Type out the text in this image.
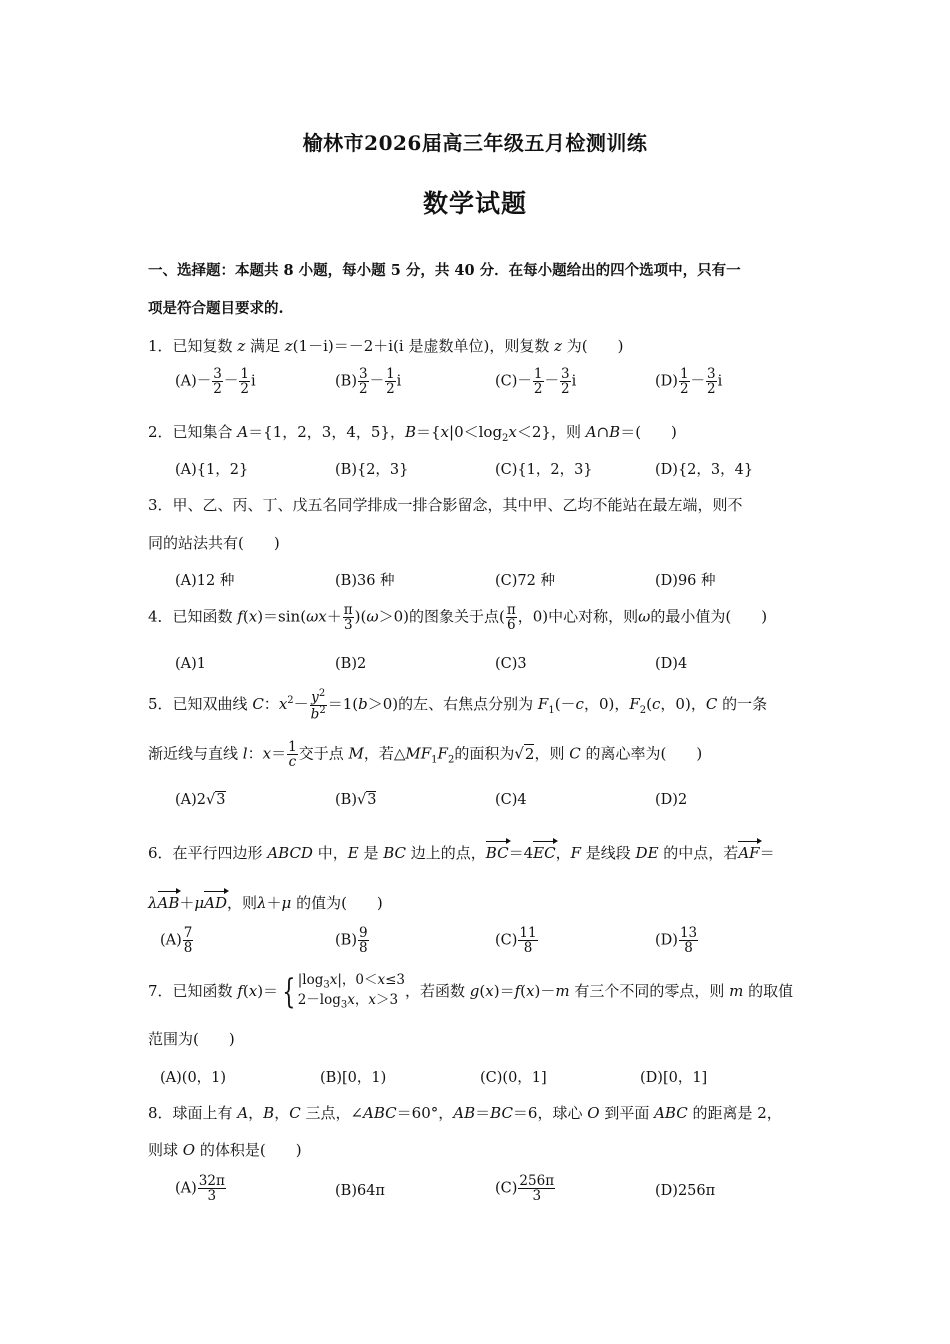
榆林市2026届高三年级五月检测训练
数学试题
一、选择题：本题共 8 小题，每小题 5 分，共 40 分．在每小题给出的四个选项中，只有一
项是符合题目要求的.
1．已知复数 z 满足 z(1－i)＝－2＋i(i 是虚数单位)，则复数 z 为(　　)
$(A)- \frac{3}{2} - \frac{1}{2}$ i	$(B) \frac{3}{2} - \frac{1}{2}$ i	$(C)- \frac{1}{2} - \frac{3}{2}$ i	$(D) \frac{1}{2} - \frac{3}{2}$ i
2．已知集合 A＝{1，2，3，4，5}，$B=\{x|0<\log_2x<2\}$，则 A∩B＝(　　)
(A){1，2}	(B){2，3}	(C){1，2，3}	(D){2，3，4}
3．甲、乙、丙、丁、戊五名同学排成一排合影留念，其中甲、乙均不能站在最左端，则不
同的站法共有(　　)
(A)12 种	(B)36 种	(C)72 种	(D)96 种
4．已知函数 $f(x)=\sin(\omega x+ \frac{\pi}{3} )(\omega>0)$的图象关于点( $\frac{\pi}{6}$ ，0)中心对称，则ω的最小值为(　　)
(A)1	(B)2	(C)3	(D)4
5．已知双曲线 C：$x^2- \frac{y^2}{b^2} =1(b>0)$的左、右焦点分别为 $F_1(-c$，0)，$F_2(c$，0)，C 的一条
渐近线与直线 l：$x= \frac{1}{c}$ 交于点 M，若$\triangle MF_1F_2$的面积为√2，则 C 的离心率为(　　)
(A)2√3	(B)√3	(C)4	(D)2
6．在平行四边形 ABCD 中，E 是 BC 边上的点，BC＝4EC，F 是线段 DE 的中点，若AF＝
λAB＋μAD，则λ＋μ 的值为(　　)
$(A) \frac{7}{8}$	$(B) \frac{9}{8}$	$(C) \frac{11}{8}$	$(D) \frac{13}{8}$
7．已知函数 f(x)＝ { $|\log_3x|$，0＜x≤3
$2-\log_3x$，x＞3 ，若函数 g(x)＝f(x)－m 有三个不同的零点，则 m 的取值
范围为(　　)
(A)(0，1)	(B)[0，1)	(C)(0，1]	(D)[0，1]
8．球面上有 A，B，C 三点，∠ABC＝60°，AB＝BC＝6，球心 O 到平面 ABC 的距离是 2，
则球 O 的体积是(　　)
$(A) \frac{32\pi}{3}$	(B)64π	$(C) \frac{256\pi}{3}$	(D)256π
